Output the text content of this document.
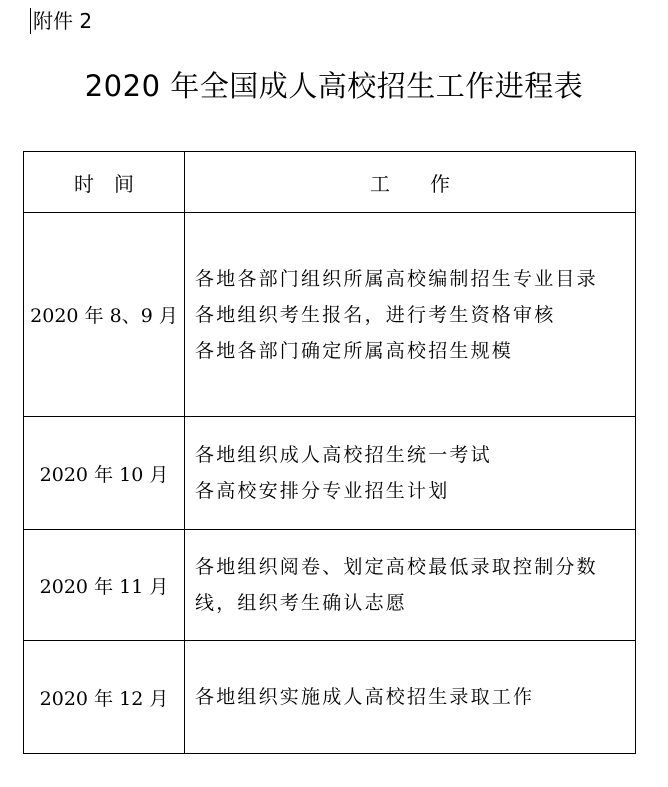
附件 2
2020 年全国成人高校招生工作进程表
时　间	工　　作
2020 年 8、9 月	各地各部门组织所属高校编制招生专业目录
各地组织考生报名，进行考生资格审核
各地各部门确定所属高校招生规模

2020 年 10 月	各地组织成人高校招生统一考试
各高校安排分专业招生计划

2020 年 11 月	各地组织阅卷、划定高校最低录取控制分数线，组织考生确认志愿

2020 年 12 月	各地组织实施成人高校招生录取工作
